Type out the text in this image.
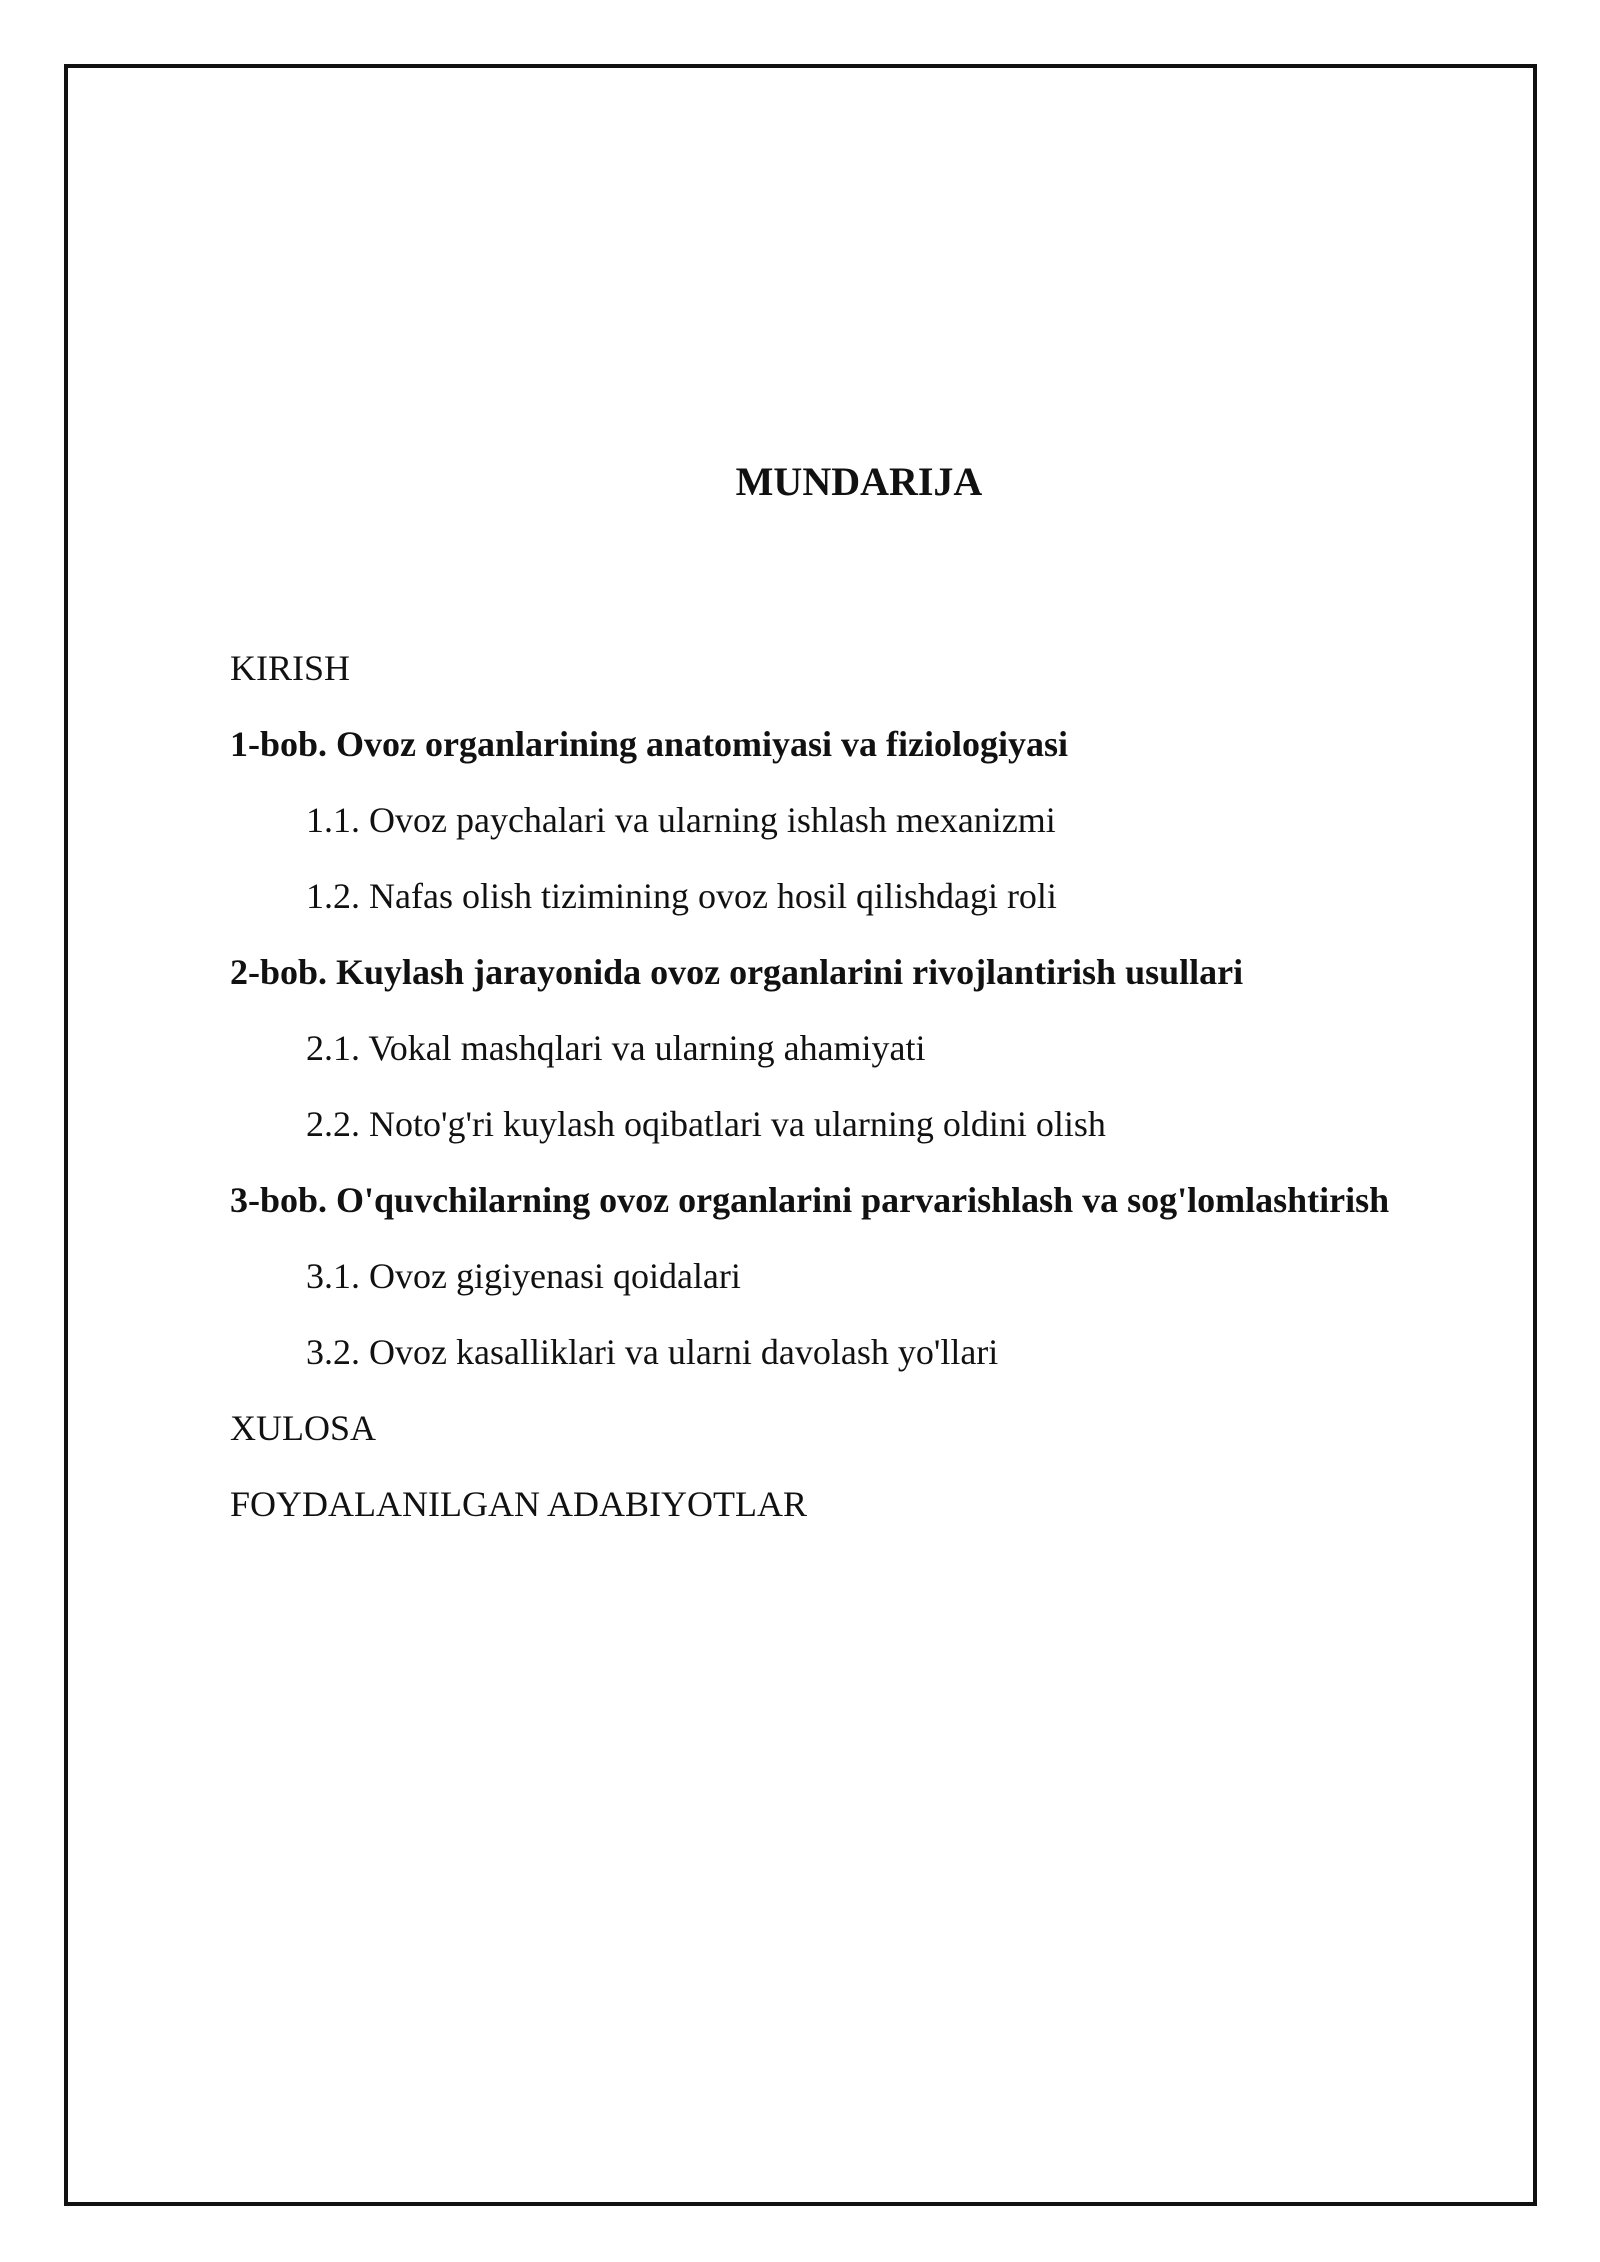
MUNDARIJA
KIRISH
1-bob. Ovoz organlarining anatomiyasi va fiziologiyasi
1.1. Ovoz paychalari va ularning ishlash mexanizmi
1.2. Nafas olish tizimining ovoz hosil qilishdagi roli
2-bob. Kuylash jarayonida ovoz organlarini rivojlantirish usullari
2.1. Vokal mashqlari va ularning ahamiyati
2.2. Noto'g'ri kuylash oqibatlari va ularning oldini olish
3-bob. O'quvchilarning ovoz organlarini parvarishlash va sog'lomlashtirish
3.1. Ovoz gigiyenasi qoidalari
3.2. Ovoz kasalliklari va ularni davolash yo'llari
XULOSA
FOYDALANILGAN ADABIYOTLAR
